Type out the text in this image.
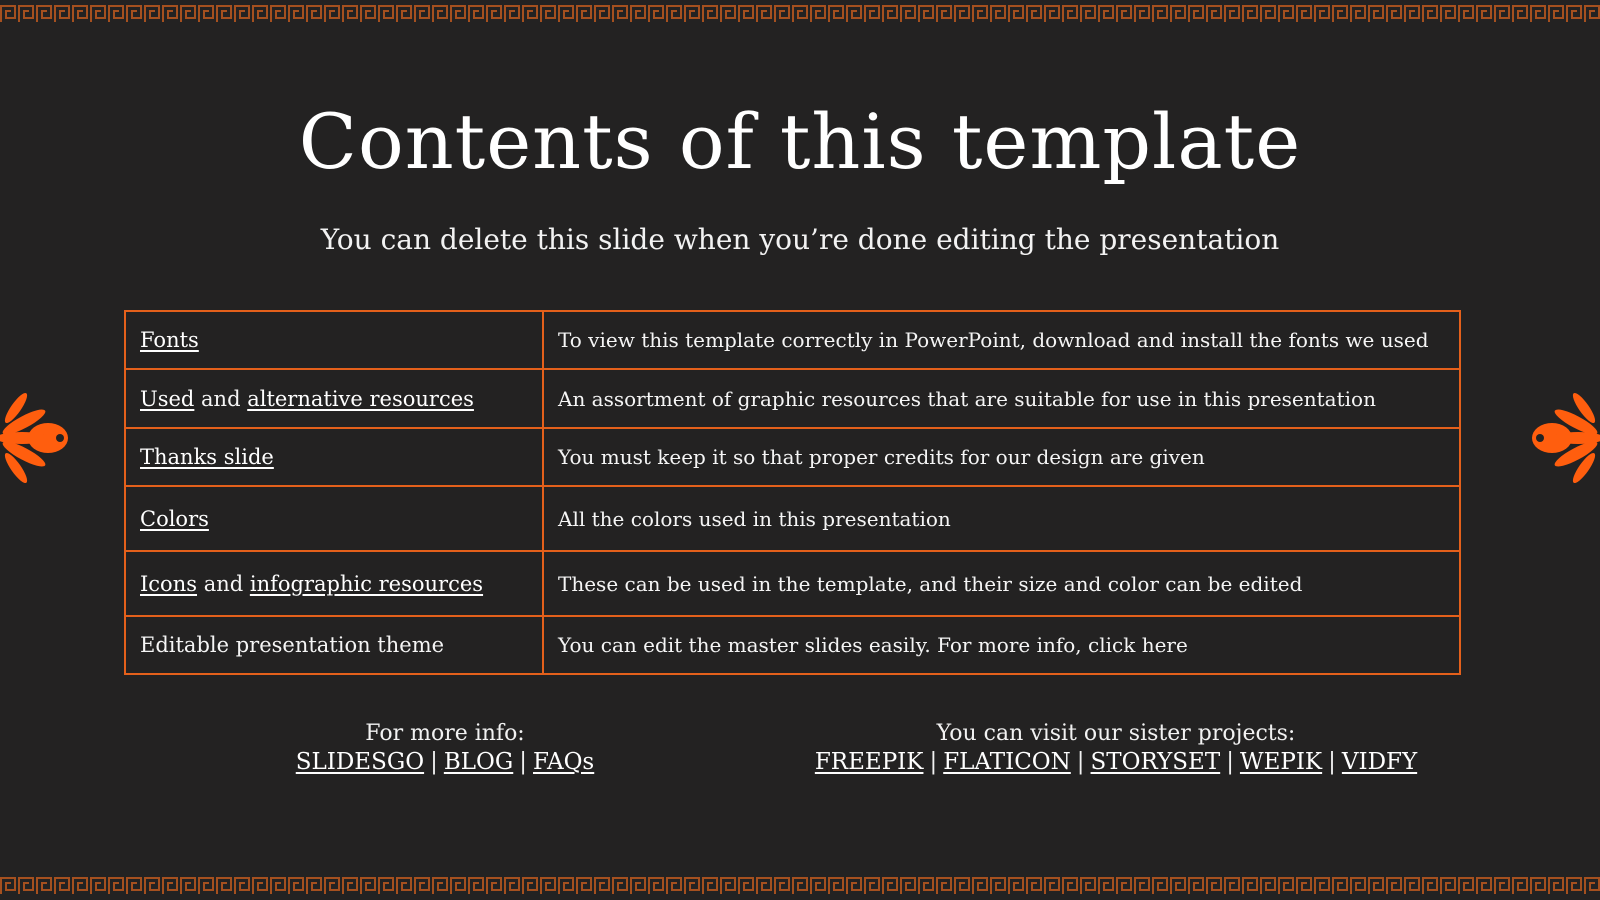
Contents of this template

You can delete this slide when you’re done editing the presentation

Fonts	To view this template correctly in PowerPoint, download and install the fonts we used
Used and alternative resources	An assortment of graphic resources that are suitable for use in this presentation
Thanks slide	You must keep it so that proper credits for our design are given
Colors	All the colors used in this presentation
Icons and infographic resources	These can be used in the template, and their size and color can be edited
Editable presentation theme	You can edit the master slides easily. For more info, click here
For more info:
SLIDESGO | BLOG | FAQs
You can visit our sister projects:
FREEPIK | FLATICON | STORYSET | WEPIK | VIDFY
